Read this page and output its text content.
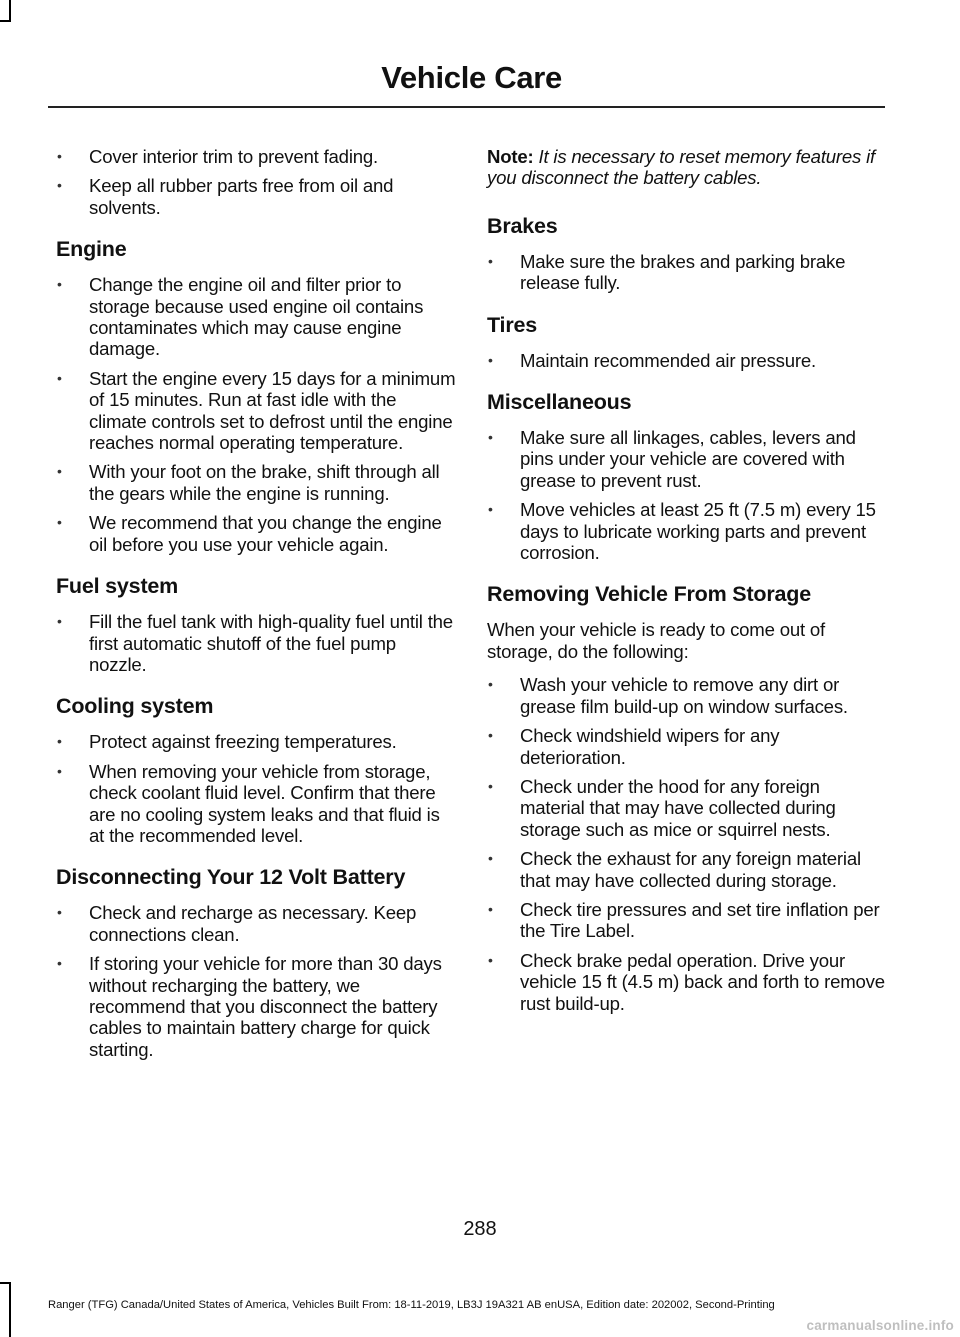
Vehicle Care
• Cover interior trim to prevent fading.
• Keep all rubber parts free from oil and solvents.
Engine
• Change the engine oil and filter prior to storage because used engine oil contains contaminates which may cause engine damage.
• Start the engine every 15 days for a minimum of 15 minutes. Run at fast idle with the climate controls set to defrost until the engine reaches normal operating temperature.
• With your foot on the brake, shift through all the gears while the engine is running.
• We recommend that you change the engine oil before you use your vehicle again.
Fuel system
• Fill the fuel tank with high-quality fuel until the first automatic shutoff of the fuel pump nozzle.
Cooling system
• Protect against freezing temperatures.
• When removing your vehicle from storage, check coolant fluid level. Confirm that there are no cooling system leaks and that fluid is at the recommended level.
Disconnecting Your 12 Volt Battery
• Check and recharge as necessary. Keep connections clean.
• If storing your vehicle for more than 30 days without recharging the battery, we recommend that you disconnect the battery cables to maintain battery charge for quick starting.

Note: It is necessary to reset memory features if you disconnect the battery cables.

Brakes
• Make sure the brakes and parking brake release fully.
Tires
• Maintain recommended air pressure.
Miscellaneous
• Make sure all linkages, cables, levers and pins under your vehicle are covered with grease to prevent rust.
• Move vehicles at least 25 ft (7.5 m) every 15 days to lubricate working parts and prevent corrosion.
Removing Vehicle From Storage

When your vehicle is ready to come out of storage, do the following:

• Wash your vehicle to remove any dirt or grease film build-up on window surfaces.
• Check windshield wipers for any deterioration.
• Check under the hood for any foreign material that may have collected during storage such as mice or squirrel nests.
• Check the exhaust for any foreign material that may have collected during storage.
• Check tire pressures and set tire inflation per the Tire Label.
• Check brake pedal operation. Drive your vehicle 15 ft (4.5 m) back and forth to remove rust build-up.
288
Ranger (TFG) Canada/United States of America, Vehicles Built From: 18-11-2019, LB3J 19A321 AB enUSA, Edition date: 202002, Second-Printing
carmanualsonline.info
